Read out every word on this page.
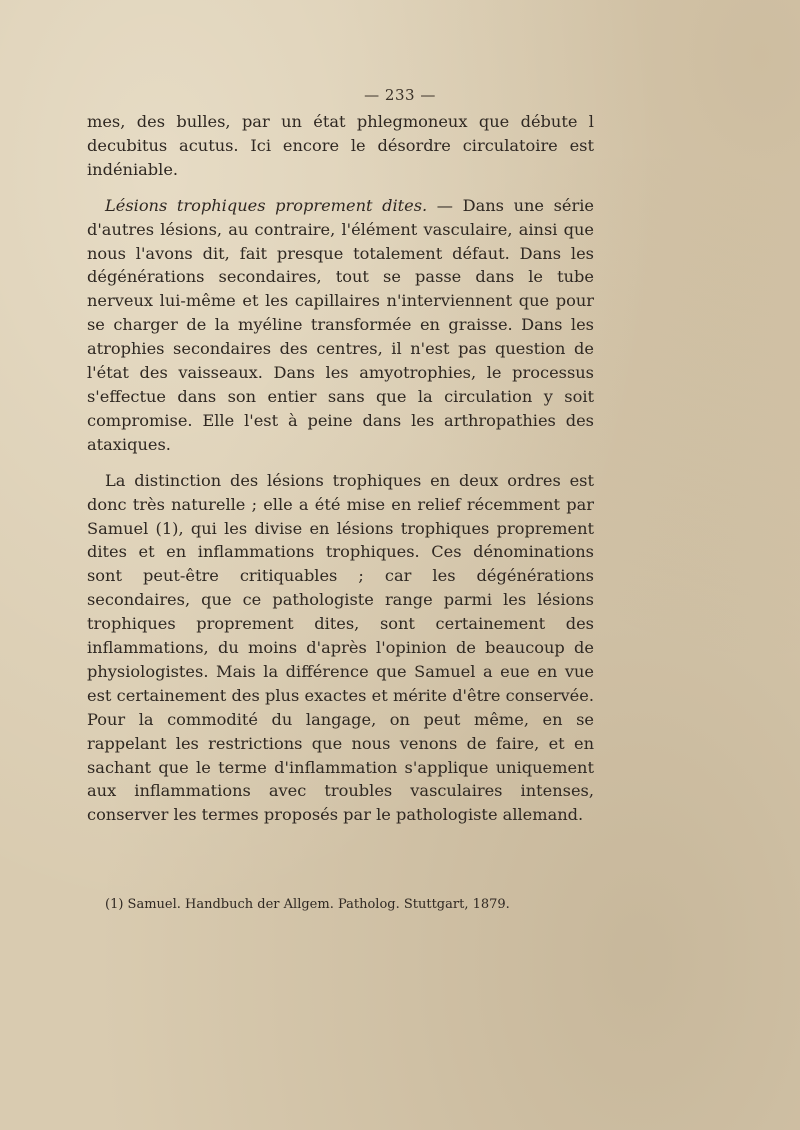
— 233 —

mes, des bulles, par un état phlegmoneux que débute l decubitus acutus. Ici encore le désordre circulatoire est indéniable.

Lésions trophiques proprement dites. — Dans une série d'autres lésions, au contraire, l'élément vasculaire, ainsi que nous l'avons dit, fait presque totalement défaut. Dans les dégénérations secondaires, tout se passe dans le tube nerveux lui-même et les capillaires n'interviennent que pour se charger de la myéline transformée en graisse. Dans les atrophies secondaires des centres, il n'est pas question de l'état des vaisseaux. Dans les amyotrophies, le processus s'effectue dans son entier sans que la circulation y soit compromise. Elle l'est à peine dans les arthropathies des ataxiques.

La distinction des lésions trophiques en deux ordres est donc très naturelle ; elle a été mise en relief récemment par Samuel (1), qui les divise en lésions trophiques proprement dites et en inflammations trophiques. Ces dénominations sont peut-être critiquables ; car les dégénérations secondaires, que ce pathologiste range parmi les lésions trophiques proprement dites, sont certainement des inflammations, du moins d'après l'opinion de beaucoup de physiologistes. Mais la différence que Samuel a eue en vue est certainement des plus exactes et mérite d'être conservée. Pour la commodité du langage, on peut même, en se rappelant les restrictions que nous venons de faire, et en sachant que le terme d'inflammation s'applique uniquement aux inflammations avec troubles vasculaires intenses, conserver les termes proposés par le pathologiste allemand.

(1) Samuel. Handbuch der Allgem. Patholog. Stuttgart, 1879.
